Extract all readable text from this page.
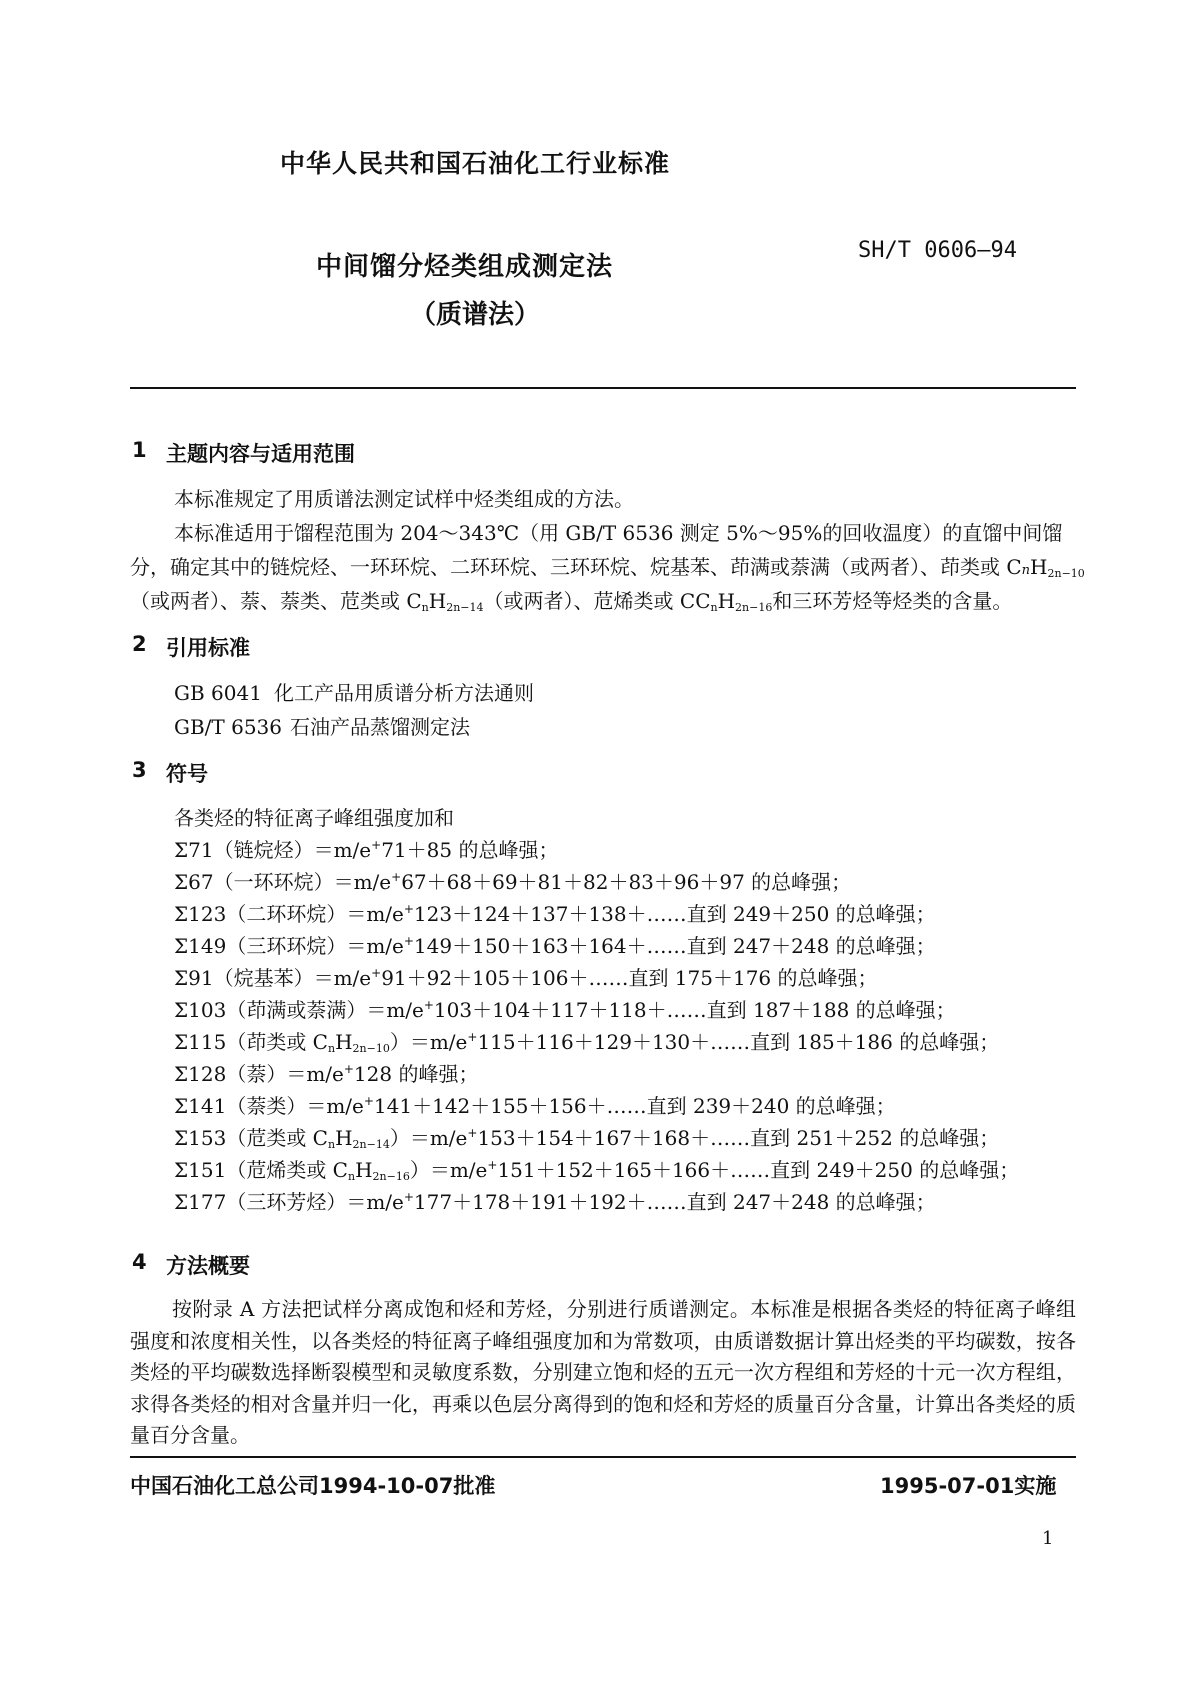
中华人民共和国石油化工行业标准
中间馏分烃类组成测定法
（质谱法）
SH/T 0606—94
1 主题内容与适用范围
本标准规定了用质谱法测定试样中烃类组成的方法。
本标准适用于馏程范围为 204～343℃（用 GB/T 6536 测定 5%～95%的回收温度）的直馏中间馏
分，确定其中的链烷烃、一环环烷、二环环烷、三环环烷、烷基苯、茚满或萘满（或两者）、茚类或 CnH$_{2n-10}$
（或两者）、萘、萘类、苊类或 $C_nH_{2n-14}$（或两者）、苊烯类或 $CC_nH_{2n-16}$和三环芳烃等烃类的含量。
2 引用标准
GB 6041 化工产品用质谱分析方法通则
GB/T 6536 石油产品蒸馏测定法
3 符号
各类烃的特征离子峰组强度加和
Σ71（链烷烃）＝m/e+71＋85 的总峰强；
Σ67（一环环烷）＝m/e+67＋68＋69＋81＋82＋83＋96＋97 的总峰强；
Σ123（二环环烷）＝m/e+123＋124＋137＋138＋……直到 249＋250 的总峰强；
Σ149（三环环烷）＝m/e+149＋150＋163＋164＋……直到 247＋248 的总峰强；
Σ91（烷基苯）＝m/e+91＋92＋105＋106＋……直到 175＋176 的总峰强；
Σ103（茚满或萘满）＝m/e+103＋104＋117＋118＋……直到 187＋188 的总峰强；
Σ115（茚类或 $C_nH_{2n-10})=m/e^+115+116+129+130+\dots\dots$直到 185＋186 的总峰强；
Σ128（萘）＝m/e+128 的峰强；
Σ141（萘类）＝m/e+141＋142＋155＋156＋……直到 239＋240 的总峰强；
Σ153（苊类或 $C_nH_{2n-14})=m/e^+153+154+167+168+\dots\dots$直到 251＋252 的总峰强；
Σ151（苊烯类或 $C_nH_{2n-16})=m/e^+151+152+165+166+\dots\dots$直到 249＋250 的总峰强；
Σ177（三环芳烃）＝m/e+177＋178＋191＋192＋……直到 247＋248 的总峰强；
4 方法概要
按附录 A 方法把试样分离成饱和烃和芳烃，分别进行质谱测定。本标准是根据各类烃的特征离子峰组强度和浓度相关性，以各类烃的特征离子峰组强度加和为常数项，由质谱数据计算出烃类的平均碳数，按各类烃的平均碳数选择断裂模型和灵敏度系数，分别建立饱和烃的五元一次方程组和芳烃的十元一次方程组，求得各类烃的相对含量并归一化，再乘以色层分离得到的饱和烃和芳烃的质量百分含量，计算出各类烃的质量百分含量。
中国石油化工总公司1994-10-07批准	1995-07-01实施
1
